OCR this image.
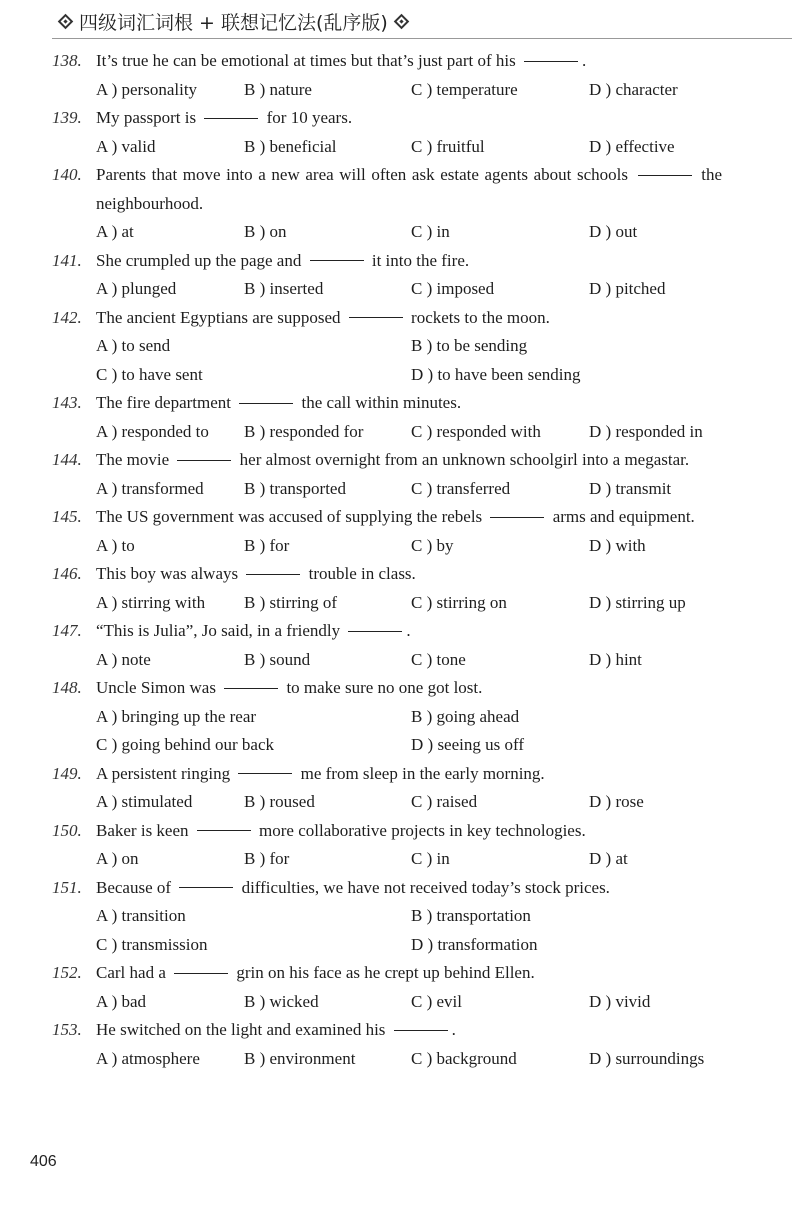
四级词汇词根 + 联想记忆法(乱序版)
138. It’s true he can be emotional at times but that’s just part of his	.
A ) personality	B ) nature	C ) temperature	D ) character
139. My passport is	for 10 years.
A ) valid	B ) beneficial	C ) fruitful	D ) effective
140. Parents that move into a new area will often ask estate agents about schools	the neighbourhood.
A ) at	B ) on	C ) in	D ) out
141. She crumpled up the page and	it into the fire.
A ) plunged	B ) inserted	C ) imposed	D ) pitched
142. The ancient Egyptians are supposed	rockets to the moon.
A ) to send	B ) to be sending
C ) to have sent	D ) to have been sending
143. The fire department	the call within minutes.
A ) responded to	B ) responded for	C ) responded with	D ) responded in
144. The movie	her almost overnight from an unknown schoolgirl into a megastar.
A ) transformed	B ) transported	C ) transferred	D ) transmit
145. The US government was accused of supplying the rebels	arms and equipment.
A ) to	B ) for	C ) by	D ) with
146. This boy was always	trouble in class.
A ) stirring with	B ) stirring of	C ) stirring on	D ) stirring up
147. “This is Julia”, Jo said, in a friendly	.
A ) note	B ) sound	C ) tone	D ) hint
148. Uncle Simon was	to make sure no one got lost.
A ) bringing up the rear	B ) going ahead
C ) going behind our back	D ) seeing us off
149. A persistent ringing	me from sleep in the early morning.
A ) stimulated	B ) roused	C ) raised	D ) rose
150. Baker is keen	more collaborative projects in key technologies.
A ) on	B ) for	C ) in	D ) at
151. Because of	difficulties, we have not received today’s stock prices.
A ) transition	B ) transportation
C ) transmission	D ) transformation
152. Carl had a	grin on his face as he crept up behind Ellen.
A ) bad	B ) wicked	C ) evil	D ) vivid
153. He switched on the light and examined his	.
A ) atmosphere	B ) environment	C ) background	D ) surroundings
406
